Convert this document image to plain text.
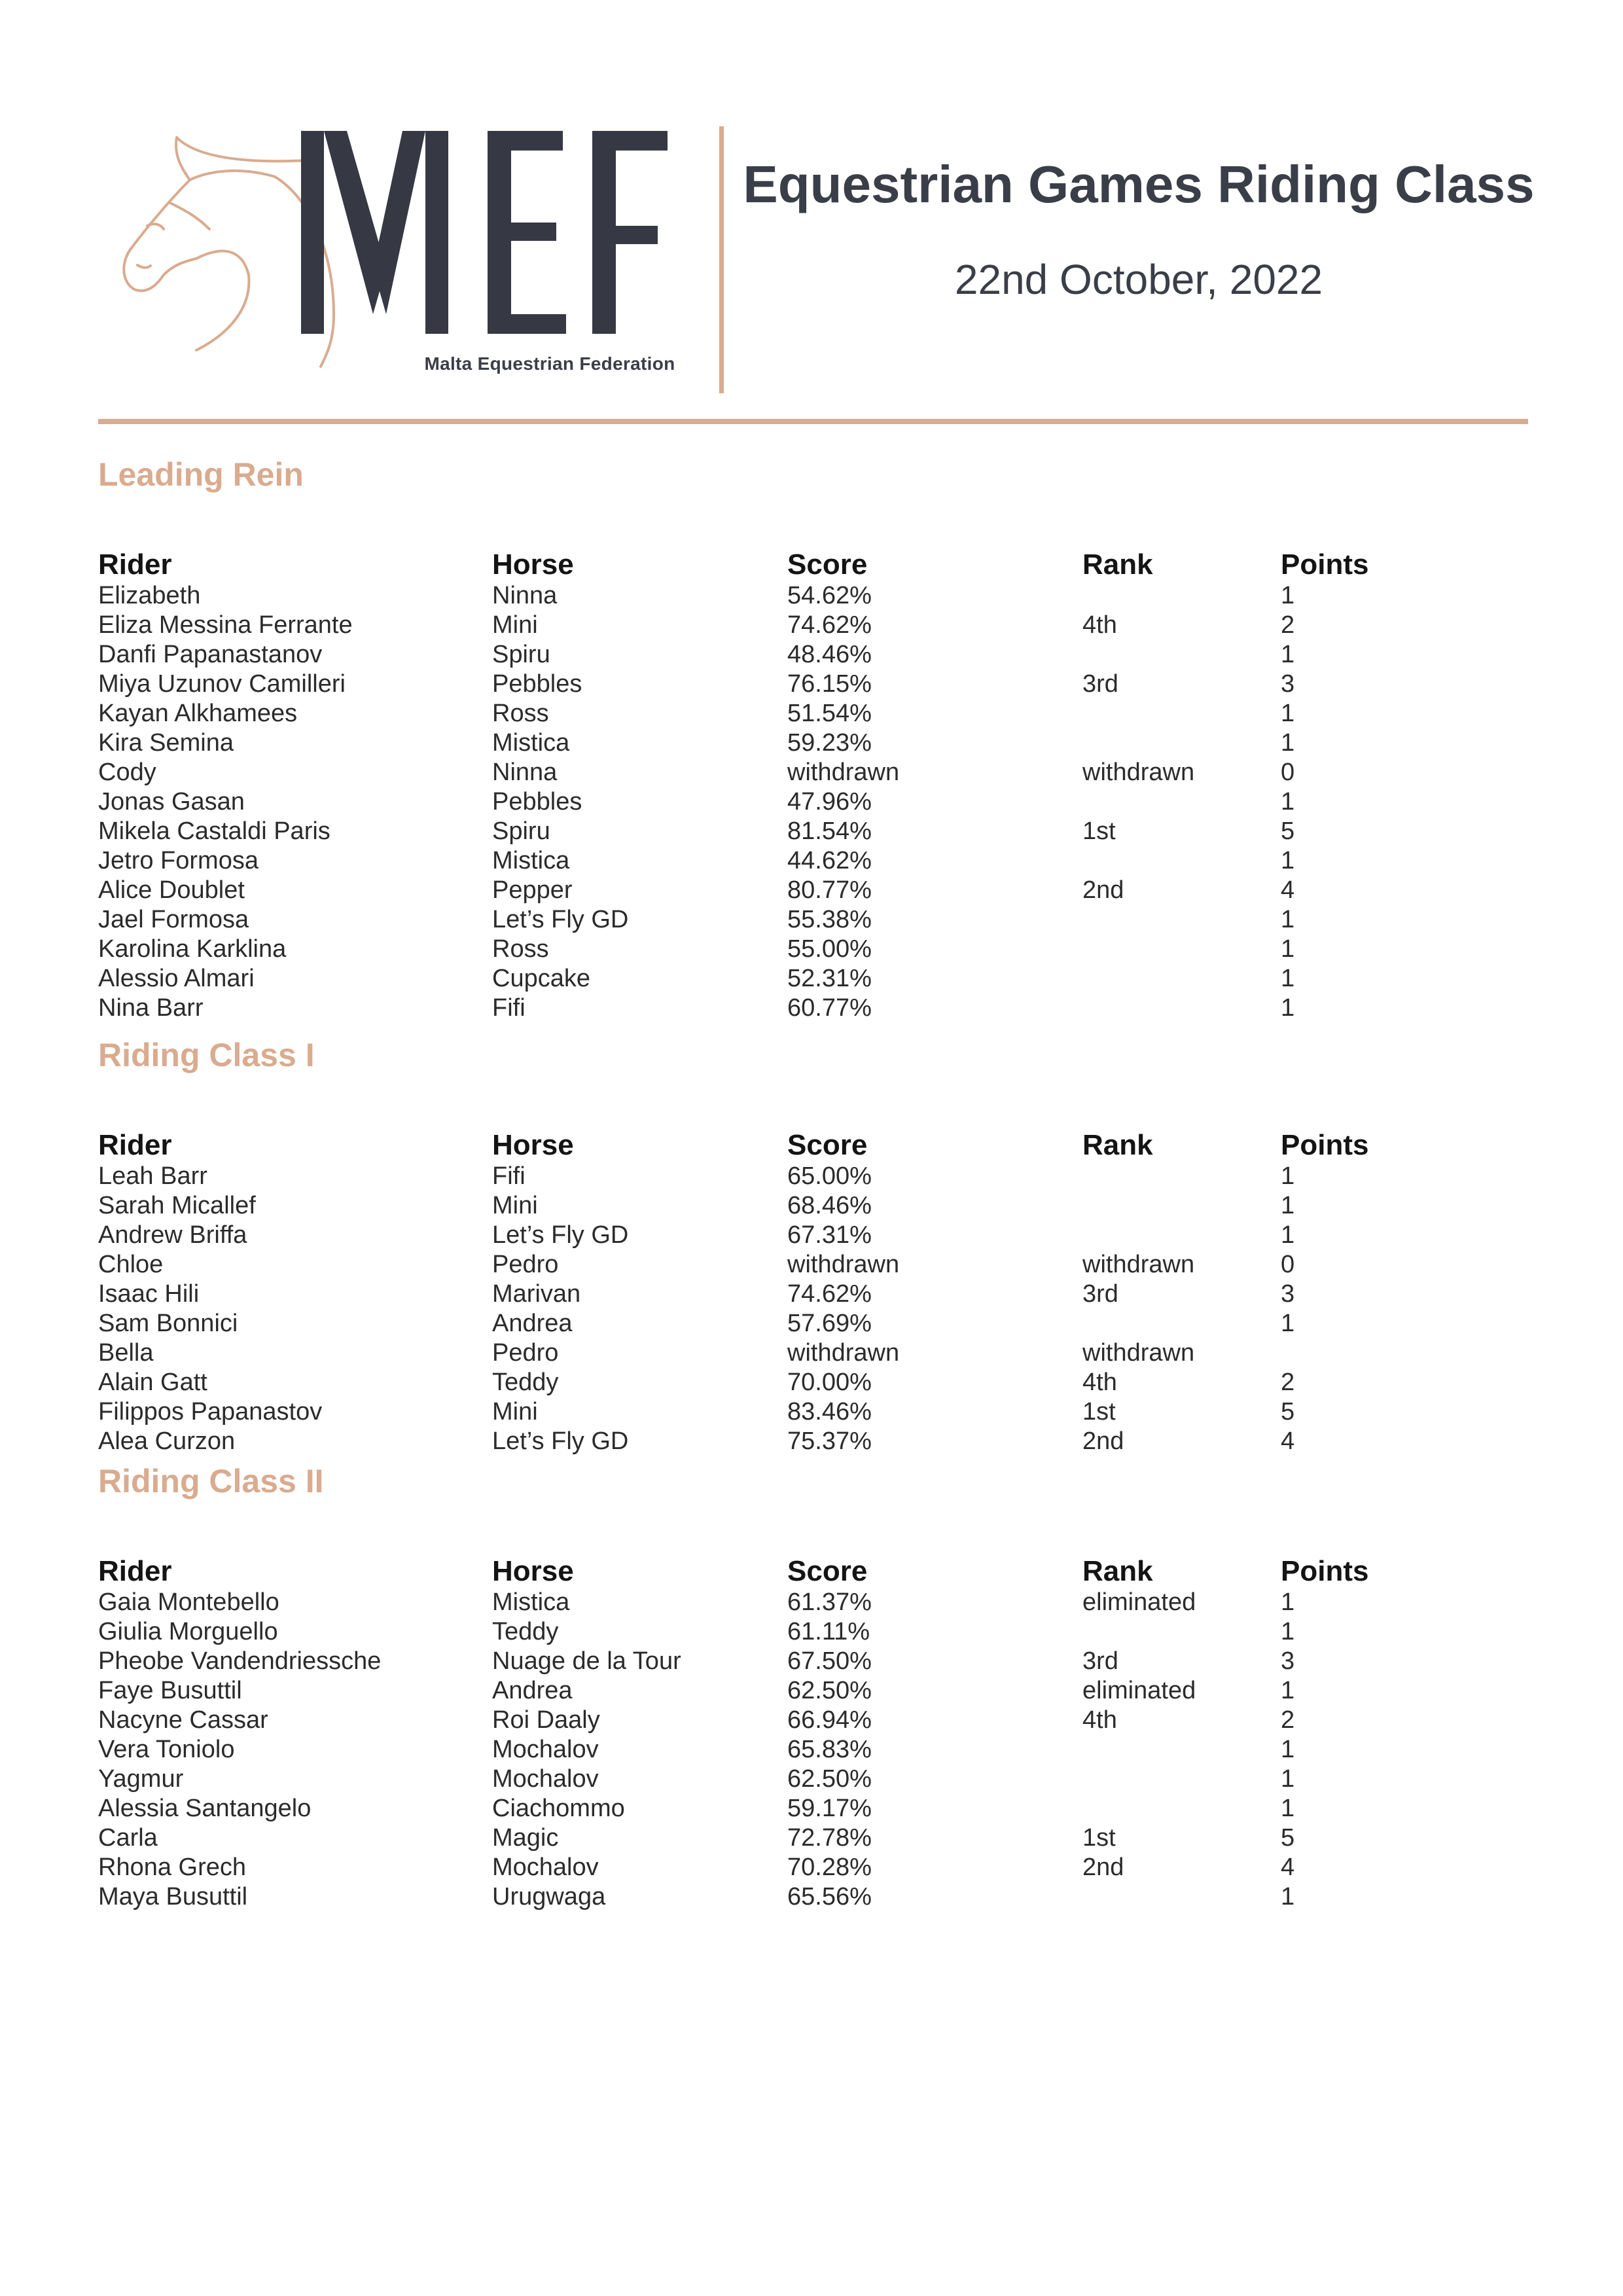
Malta Equestrian Federation
Equestrian Games Riding Class
22nd October, 2022
Leading Rein
Rider	Horse	Score	Rank	Points
Elizabeth	Ninna	54.62%		1
Eliza Messina Ferrante	Mini	74.62%	4th	2
Danfi Papanastanov	Spiru	48.46%		1
Miya Uzunov Camilleri	Pebbles	76.15%	3rd	3
Kayan Alkhamees	Ross	51.54%		1
Kira Semina	Mistica	59.23%		1
Cody	Ninna	withdrawn	withdrawn	0
Jonas Gasan	Pebbles	47.96%		1
Mikela Castaldi Paris	Spiru	81.54%	1st	5
Jetro Formosa	Mistica	44.62%		1
Alice Doublet	Pepper	80.77%	2nd	4
Jael Formosa	Let’s Fly GD	55.38%		1
Karolina Karklina	Ross	55.00%		1
Alessio Almari	Cupcake	52.31%		1
Nina Barr	Fifi	60.77%		1
Riding Class I
Rider	Horse	Score	Rank	Points
Leah Barr	Fifi	65.00%		1
Sarah Micallef	Mini	68.46%		1
Andrew Briffa	Let’s Fly GD	67.31%		1
Chloe	Pedro	withdrawn	withdrawn	0
Isaac Hili	Marivan	74.62%	3rd	3
Sam Bonnici	Andrea	57.69%		1
Bella	Pedro	withdrawn	withdrawn	
Alain Gatt	Teddy	70.00%	4th	2
Filippos Papanastov	Mini	83.46%	1st	5
Alea Curzon	Let’s Fly GD	75.37%	2nd	4
Riding Class II
Rider	Horse	Score	Rank	Points
Gaia Montebello	Mistica	61.37%	eliminated	1
Giulia Morguello	Teddy	61.11%		1
Pheobe Vandendriessche	Nuage de la Tour	67.50%	3rd	3
Faye Busuttil	Andrea	62.50%	eliminated	1
Nacyne Cassar	Roi Daaly	66.94%	4th	2
Vera Toniolo	Mochalov	65.83%		1
Yagmur	Mochalov	62.50%		1
Alessia Santangelo	Ciachommo	59.17%		1
Carla	Magic	72.78%	1st	5
Rhona Grech	Mochalov	70.28%	2nd	4
Maya Busuttil	Urugwaga	65.56%		1
